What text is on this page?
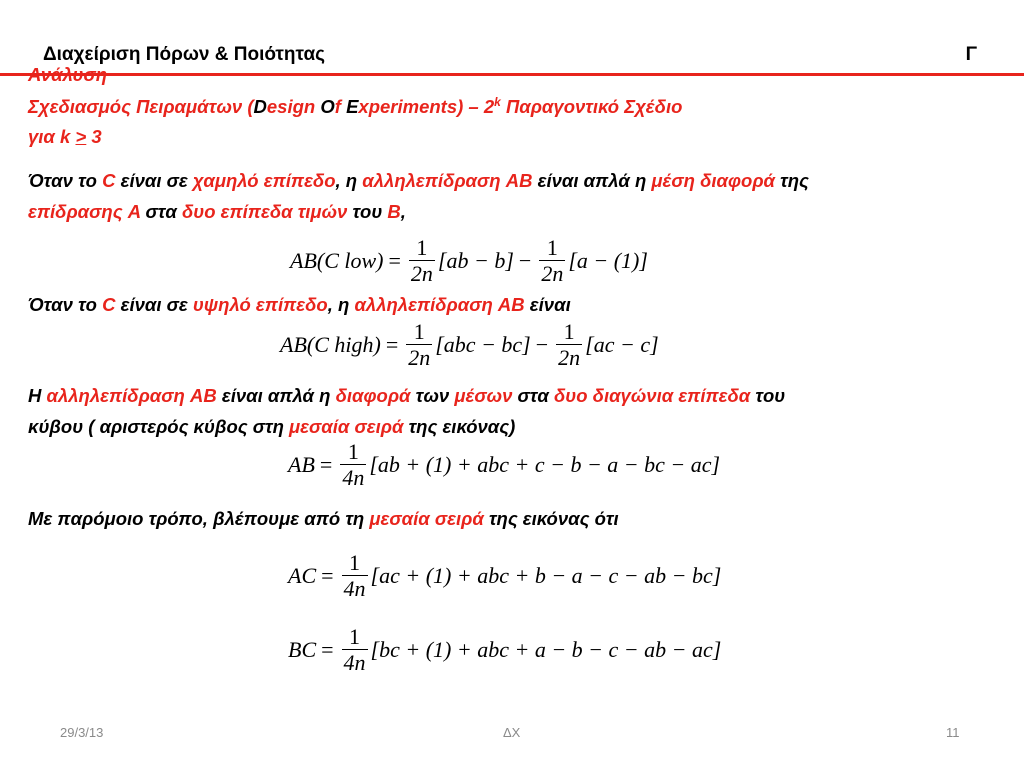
Διαχείριση Πόρων & Ποιότητας	Γ
Ανάλυση
Σχεδιασμός Πειραμάτων (Design Of Experiments) – 2$^k$ Παραγοντικό Σχέδιο
για k > 3
Όταν το C είναι σε χαμηλό επίπεδο, η αλληλεπίδραση AB είναι απλά η μέση διαφορά της
επίδρασης A στα δυο επίπεδα τιμών του B,
AB(C $low) = \frac{1}{2n} [ab - b] - \frac{1}{2n} [a - (1)]$
Όταν το C είναι σε υψηλό επίπεδο, η αλληλεπίδραση AB είναι
AB(C high) = $\frac{1}{2n} [abc - bc] - \frac{1}{2n} [ac - c]$
Η αλληλεπίδραση AB είναι απλά η διαφορά των μέσων στα δυο διαγώνια επίπεδα του
κύβου ( αριστερός κύβος στη μεσαία σειρά της εικόνας)
AB = $\frac{1}{4n} [ab + (1)$ + abc + c − b − a − bc − ac]
Με παρόμοιο τρόπο, βλέπουμε από τη μεσαία σειρά της εικόνας ότι
AC = $\frac{1}{4n} [ac + (1)$ + abc + b − a − c − ab − bc]
BC = $\frac{1}{4n} [bc + (1)$ + abc + a − b − c − ab − ac]
29/3/13	ΔΧ	11
